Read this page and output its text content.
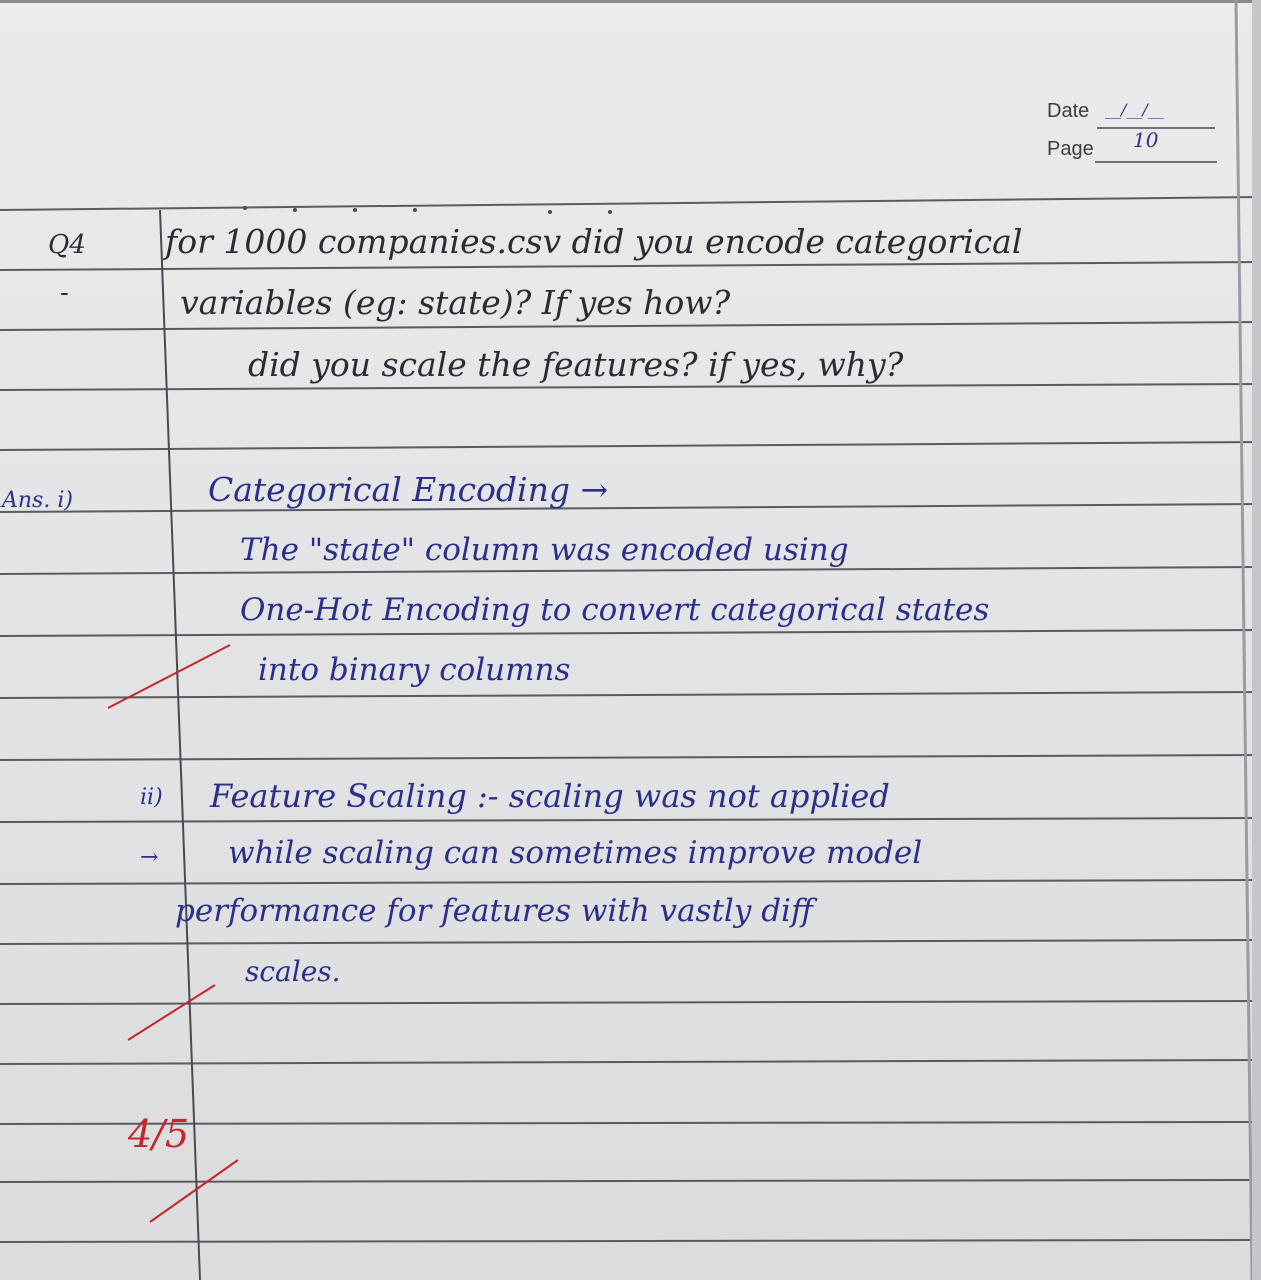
Date __/__/__
Page 10
Q4
-
for 1000 companies.csv did you encode categorical
variables (eg: state)? If yes how?
did you scale the features? if yes, why?
Ans. i)	Categorical Encoding →
The "state" column was encoded using
One-Hot Encoding to convert categorical states
into binary columns
ii)
→
Feature Scaling :- scaling was not applied
while scaling can sometimes improve model
performance for features with vastly diff
scales.
4/5
